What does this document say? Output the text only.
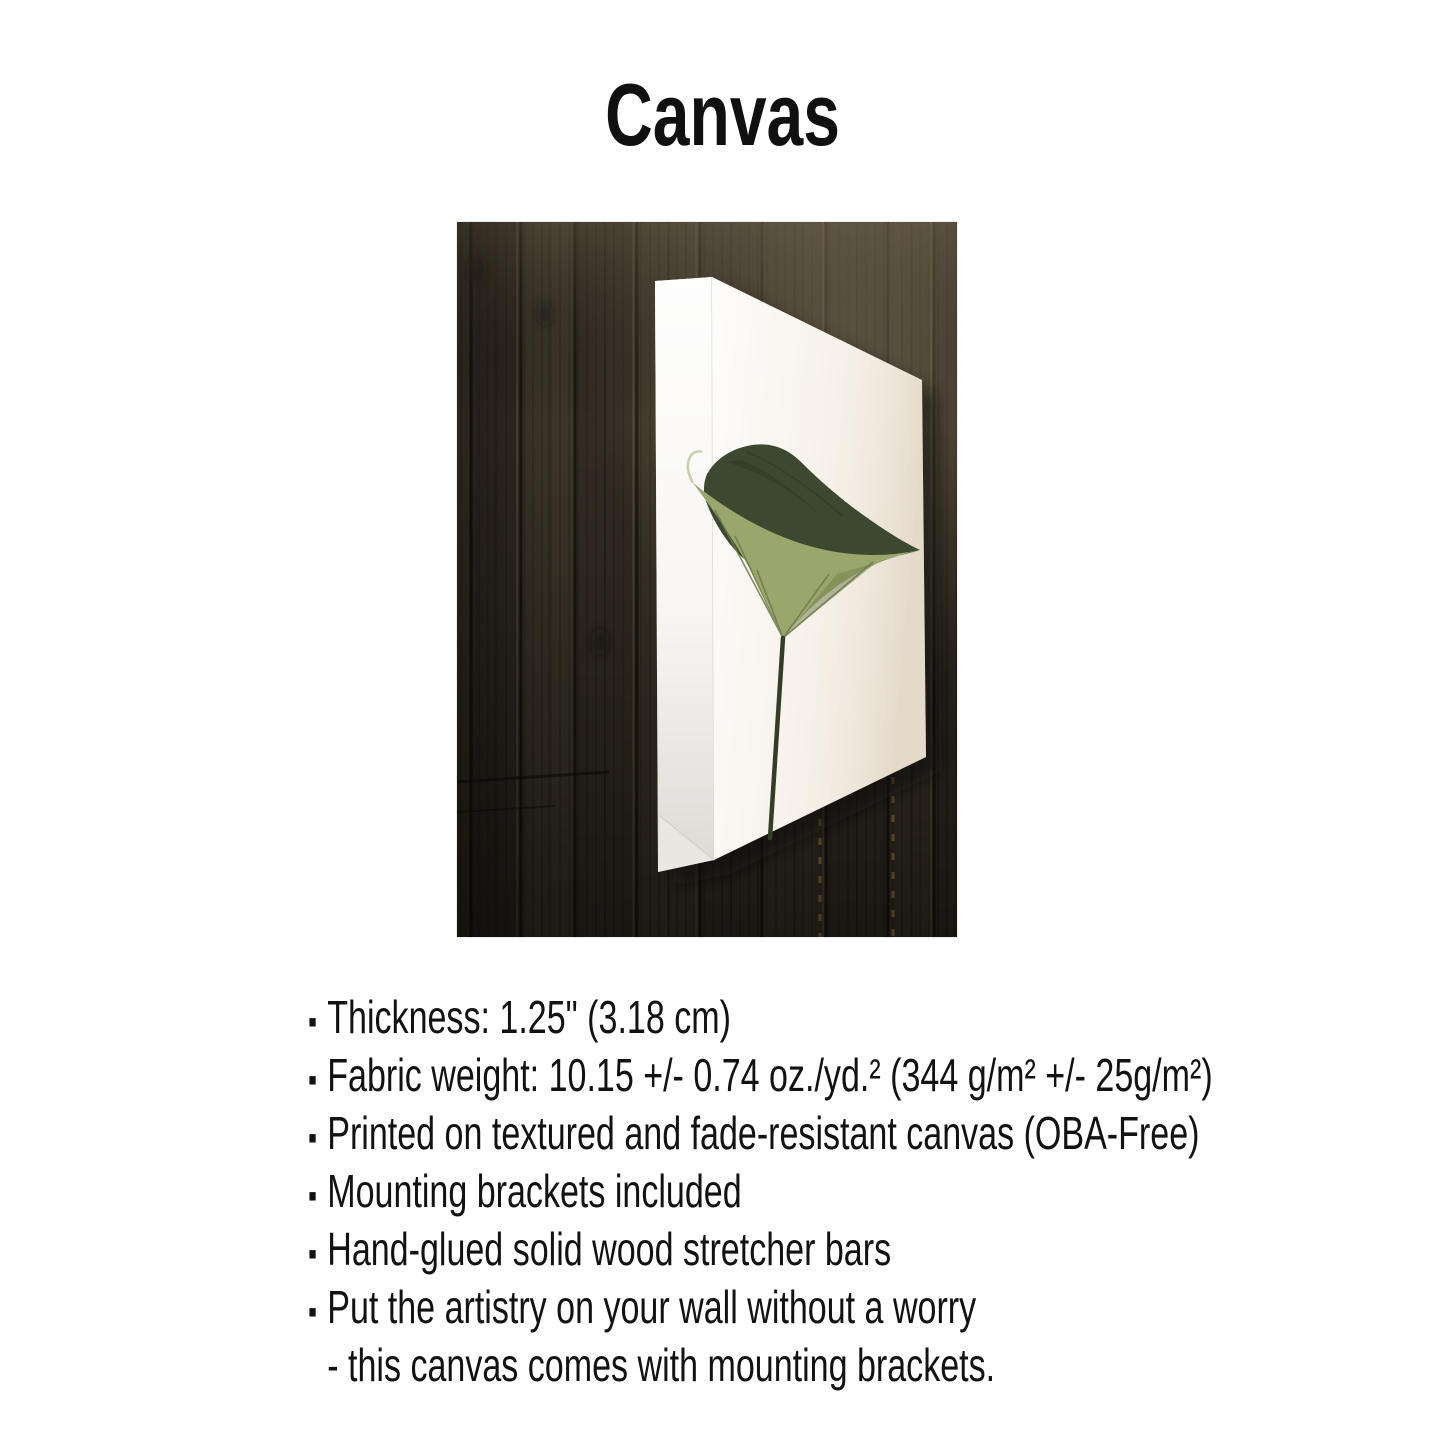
Canvas
▪ Thickness: 1.25" (3.18 cm)
▪ Fabric weight: 10.15 +/- 0.74 oz./yd.² (344 g/m² +/- 25g/m²)
▪ Printed on textured and fade-resistant canvas (OBA-Free)
▪ Mounting brackets included
▪ Hand-glued solid wood stretcher bars
▪ Put the artistry on your wall without a worry
- this canvas comes with mounting brackets.
